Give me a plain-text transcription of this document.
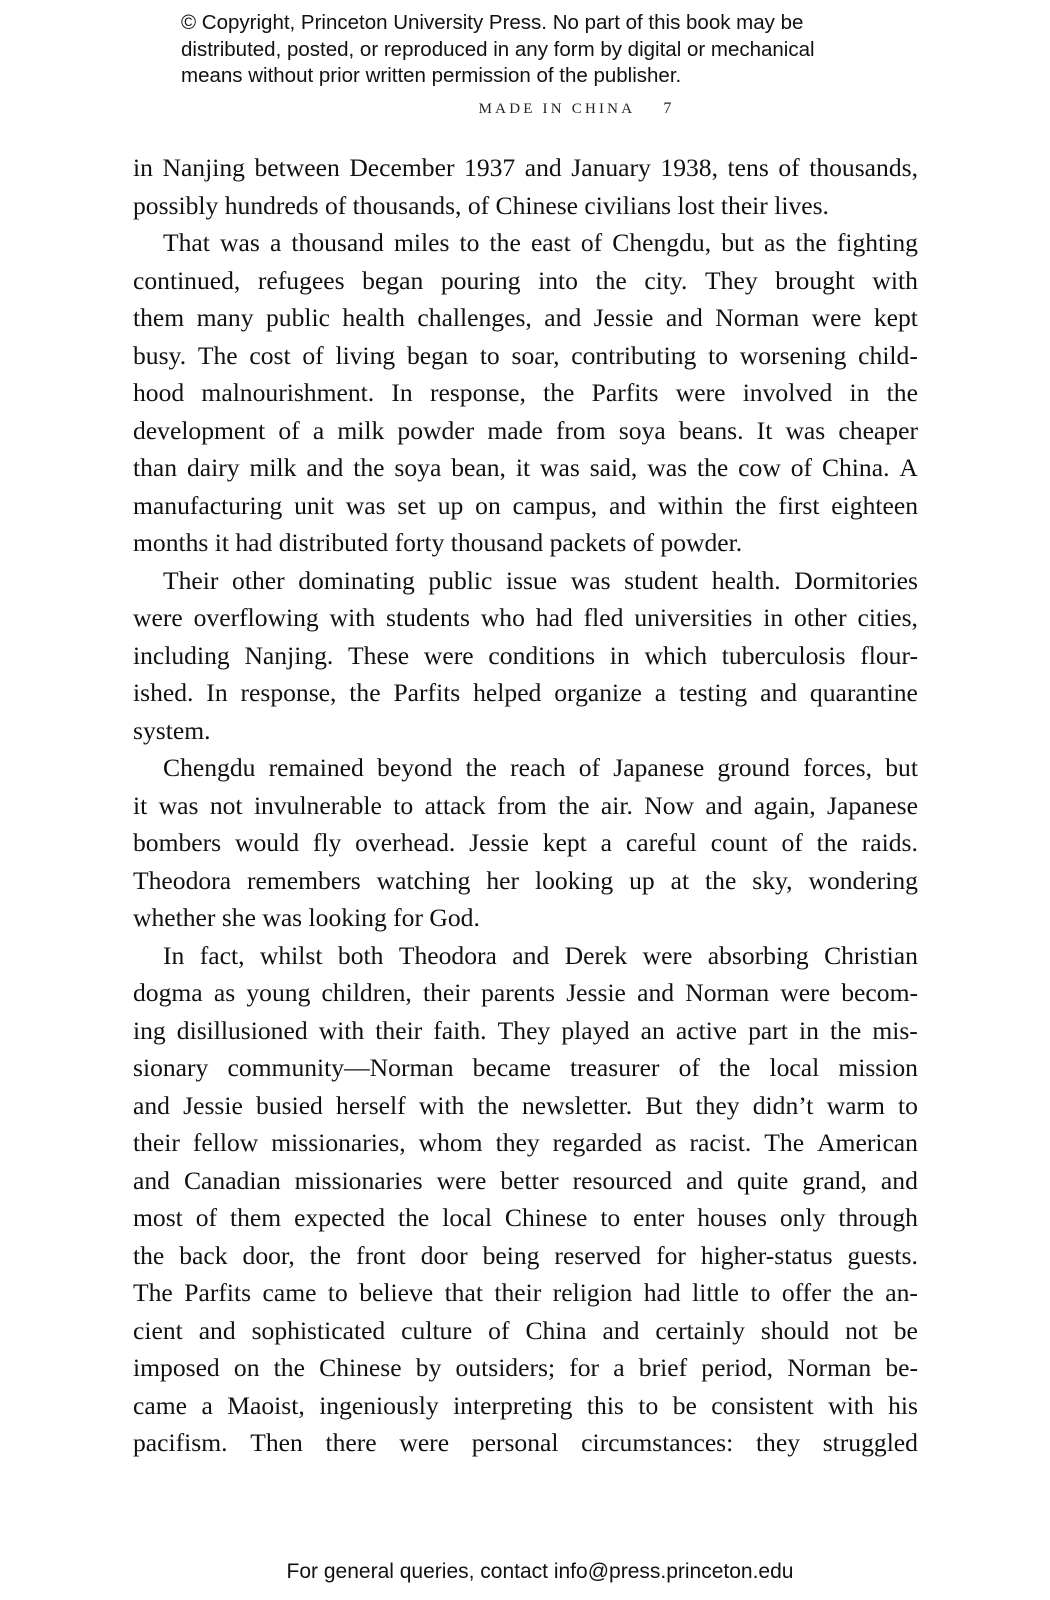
© Copyright, Princeton University Press. No part of this book may be
distributed, posted, or reproduced in any form by digital or mechanical
means without prior written permission of the publisher.
MADE IN CHINA 7
in Nanjing between December 1937 and January 1938, tens of thousands,
possibly hundreds of thousands, of Chinese civilians lost their lives.
That was a thousand miles to the east of Chengdu, but as the fighting
continued, refugees began pouring into the city. They brought with
them many public health challenges, and Jessie and Norman were kept
busy. The cost of living began to soar, contributing to worsening child-
hood malnourishment. In response, the Parfits were involved in the
development of a milk powder made from soya beans. It was cheaper
than dairy milk and the soya bean, it was said, was the cow of China. A
manufacturing unit was set up on campus, and within the first eighteen
months it had distributed forty thousand packets of powder.
Their other dominating public issue was student health. Dormitories
were overflowing with students who had fled universities in other cities,
including Nanjing. These were conditions in which tuberculosis flour-
ished. In response, the Parfits helped organize a testing and quarantine
system.
Chengdu remained beyond the reach of Japanese ground forces, but
it was not invulnerable to attack from the air. Now and again, Japanese
bombers would fly overhead. Jessie kept a careful count of the raids.
Theodora remembers watching her looking up at the sky, wondering
whether she was looking for God.
In fact, whilst both Theodora and Derek were absorbing Christian
dogma as young children, their parents Jessie and Norman were becom-
ing disillusioned with their faith. They played an active part in the mis-
sionary community—Norman became treasurer of the local mission
and Jessie busied herself with the newsletter. But they didn’t warm to
their fellow missionaries, whom they regarded as racist. The American
and Canadian missionaries were better resourced and quite grand, and
most of them expected the local Chinese to enter houses only through
the back door, the front door being reserved for higher-status guests.
The Parfits came to believe that their religion had little to offer the an-
cient and sophisticated culture of China and certainly should not be
imposed on the Chinese by outsiders; for a brief period, Norman be-
came a Maoist, ingeniously interpreting this to be consistent with his
pacifism. Then there were personal circumstances: they struggled
For general queries, contact info@press.princeton.edu
